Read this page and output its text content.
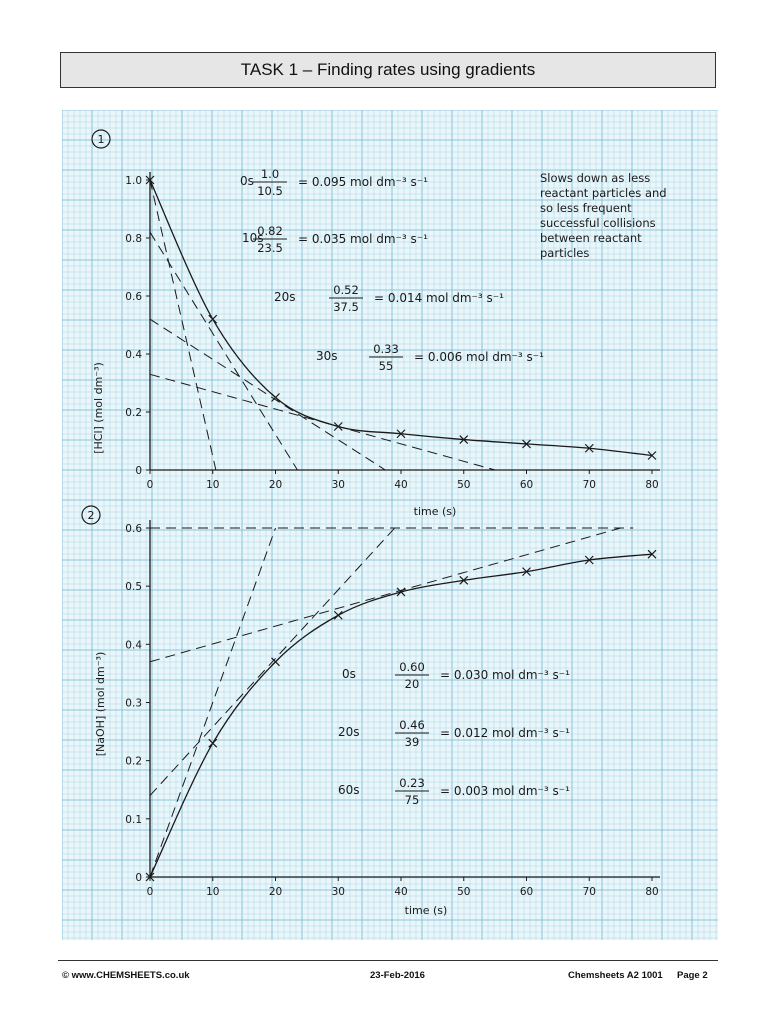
TASK 1 – Finding rates using gradients
1
[HCl] (mol dm⁻³)
time (s)
0	10	20	30	40	50	60	70	80
0
0.2
0.4
0.6
0.8
1.0	0s 1.0
10.5
= 0.095 mol dm⁻³ s⁻¹
10s
0.82
23.5
= 0.035 mol dm⁻³ s⁻¹
20s	0.52
37.5
= 0.014 mol dm⁻³ s⁻¹
30s	0.33
55
= 0.006 mol dm⁻³ s⁻¹
Slows down as less
reactant particles and
so less frequent
successful collisions
between reactant
particles
2
[NaOH] (mol dm⁻³)
time (s)
0	10	20	30	40	50	60	70	80
0
0.1
0.2
0.3
0.4
0.5
0.6
0s	0.60
20
= 0.030 mol dm⁻³ s⁻¹
20s	0.46
39
= 0.012 mol dm⁻³ s⁻¹
60s	0.23
75
= 0.003 mol dm⁻³ s⁻¹
© www.CHEMSHEETS.co.uk	23-Feb-2016	Chemsheets A2 1001 Page 2
